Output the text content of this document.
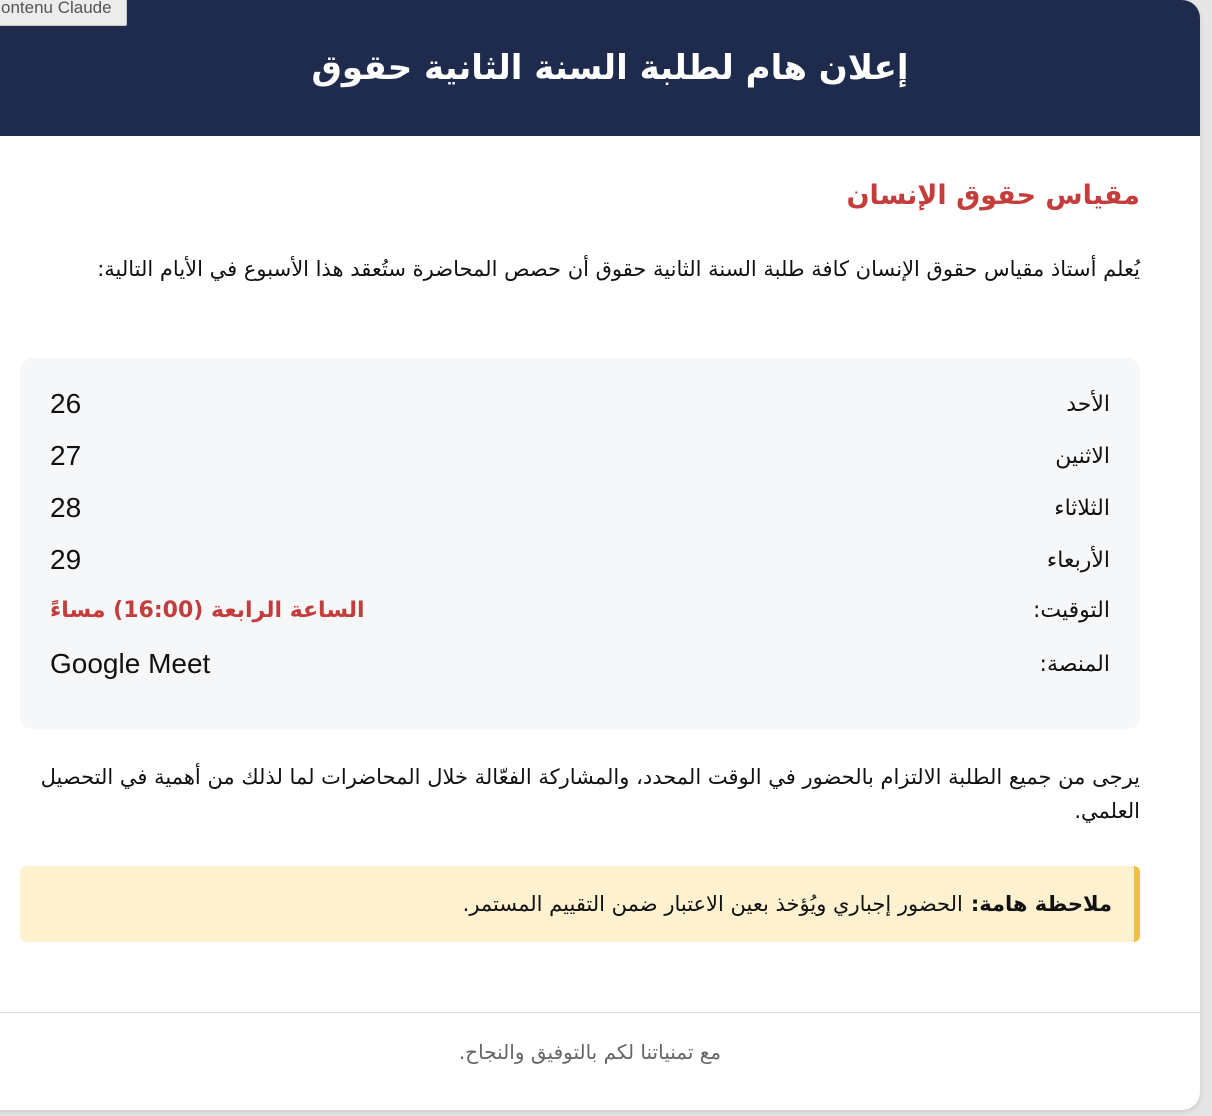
ontenu Claude
إعلان هام لطلبة السنة الثانية حقوق
مقياس حقوق الإنسان

يُعلم أستاذ مقياس حقوق الإنسان كافة طلبة السنة الثانية حقوق أن حصص المحاضرة ستُعقد هذا الأسبوع في الأيام التالية:

الأحد
26
الاثنين
27
الثلاثاء
28
الأربعاء
29
التوقيت:
الساعة الرابعة (16:00) مساءً
المنصة:
Google Meet

يرجى من جميع الطلبة الالتزام بالحضور في الوقت المحدد، والمشاركة الفعّالة خلال المحاضرات لما لذلك من أهمية في التحصيل العلمي.

ملاحظة هامة:
الحضور إجباري ويُؤخذ بعين الاعتبار ضمن التقييم المستمر.
مع تمنياتنا لكم بالتوفيق والنجاح.
